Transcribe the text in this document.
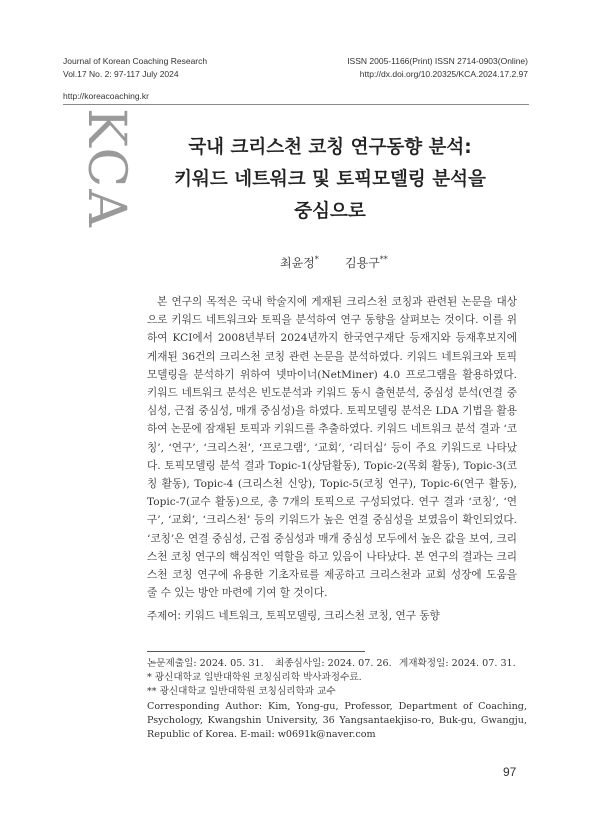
Journal of Korean Coaching Research
Vol.17 No. 2: 97-117 July 2024
ISSN 2005-1166(Print) ISSN 2714-0903(Online)
http://dx.doi.org/10.20325/KCA.2024.17.2.97
http://koreacoaching.kr
KCA	국내 크리스천 코칭 연구동향 분석:
키워드 네트워크 및 토픽모델링 분석을
중심으로
최윤정* 김용구**
본 연구의 목적은 국내 학술지에 게재된 크리스천 코칭과 관련된 논문을 대상으로 키워드 네트워크와 토픽을 분석하여 연구 동향을 살펴보는 것이다. 이를 위하여 KCI에서 2008년부터 2024년까지 한국연구재단 등재지와 등재후보지에 게재된 36건의 크리스천 코칭 관련 논문을 분석하였다. 키워드 네트워크와 토픽모델링을 분석하기 위하여 넷마이너(NetMiner) 4.0 프로그램을 활용하였다. 키워드 네트워크 분석은 빈도분석과 키워드 동시 출현분석, 중심성 분석(연결 중심성, 근접 중심성, 매개 중심성)을 하였다. 토픽모델링 분석은 LDA 기법을 활용하여 논문에 잠재된 토픽과 키워드를 추출하였다. 키워드 네트워크 분석 결과 ‘코칭’, ‘연구’, ‘크리스천’, ‘프로그램’, ‘교회’, ‘리더십’ 등이 주요 키워드로 나타났다. 토픽모델링 분석 결과 Topic-1(상담활동), Topic-2(목회 활동), Topic-3(코칭 활동), Topic-4 (크리스천 신앙), Topic-5(코칭 연구), Topic-6(연구 활동), Topic-7(교수 활동)으로, 총 7개의 토픽으로 구성되었다. 연구 결과 ‘코칭’, ‘연구’, ‘교회’, ‘크리스천’ 등의 키워드가 높은 연결 중심성을 보였음이 확인되었다. ‘코칭’은 연결 중심성, 근접 중심성과 매개 중심성 모두에서 높은 값을 보여, 크리스천 코칭 연구의 핵심적인 역할을 하고 있음이 나타났다. 본 연구의 결과는 크리스천 코칭 연구에 유용한 기초자료를 제공하고 크리스천과 교회 성장에 도움을 줄 수 있는 방안 마련에 기여 할 것이다.
주제어: 키워드 네트워크, 토픽모델링, 크리스천 코칭, 연구 동향
논문제출일: 2024. 05. 31. 최종심사일: 2024. 07. 26. 게재확정일: 2024. 07. 31.
* 광신대학교 일반대학원 코칭심리학 박사과정수료.
** 광신대학교 일반대학원 코칭심리학과 교수
Corresponding Author: Kim, Yong-gu, Professor, Department of Coaching, Psychology, Kwangshin University, 36 Yangsantaekjiso-ro, Buk-gu, Gwangju, Republic of Korea. E-mail: w0691k@naver.com
97
